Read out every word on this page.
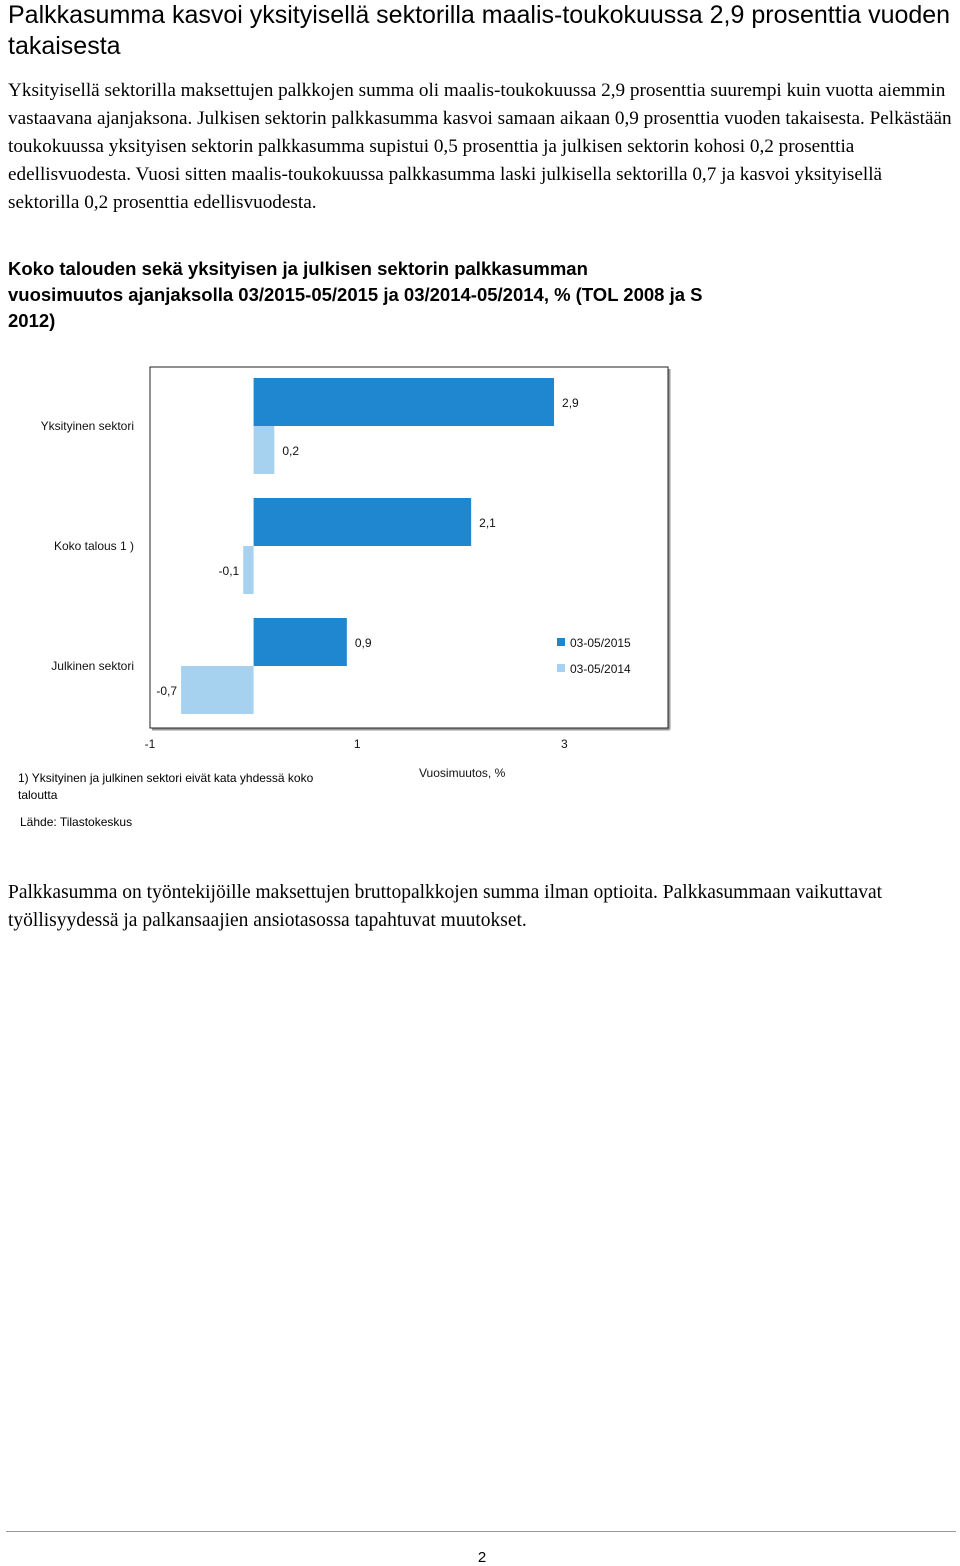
Palkkasumma kasvoi yksityisellä sektorilla maalis-toukokuussa 2,9 prosenttia vuoden takaisesta

Yksityisellä sektorilla maksettujen palkkojen summa oli maalis-toukokuussa 2,9 prosenttia suurempi kuin vuotta aiemmin vastaavana ajanjaksona. Julkisen sektorin palkkasumma kasvoi samaan aikaan 0,9 prosenttia vuoden takaisesta. Pelkästään toukokuussa yksityisen sektorin palkkasumma supistui 0,5 prosenttia ja julkisen sektorin kohosi 0,2 prosenttia edellisvuodesta. Vuosi sitten maalis-toukokuussa palkkasumma laski julkisella sektorilla 0,7 ja kasvoi yksityisellä sektorilla 0,2 prosenttia edellisvuodesta.

Koko talouden sekä yksityisen ja julkisen sektorin palkkasumman vuosimuutos ajanjaksolla 03/2015-05/2015 ja 03/2014-05/2014, % (TOL 2008 ja S 2012)

2,9
0,2
Yksityinen sektori
2,1
-0,1
Koko talous 1 )
0,9
-0,7
Julkinen sektori
-1	1	3
Vuosimuutos, %
03-05/2015
03-05/2014

1) Yksityinen ja julkinen sektori eivät kata yhdessä koko taloutta

Lähde: Tilastokeskus

Palkkasumma on työntekijöille maksettujen bruttopalkkojen summa ilman optioita. Palkkasummaan vaikuttavat työllisyydessä ja palkansaajien ansiotasossa tapahtuvat muutokset.

2
